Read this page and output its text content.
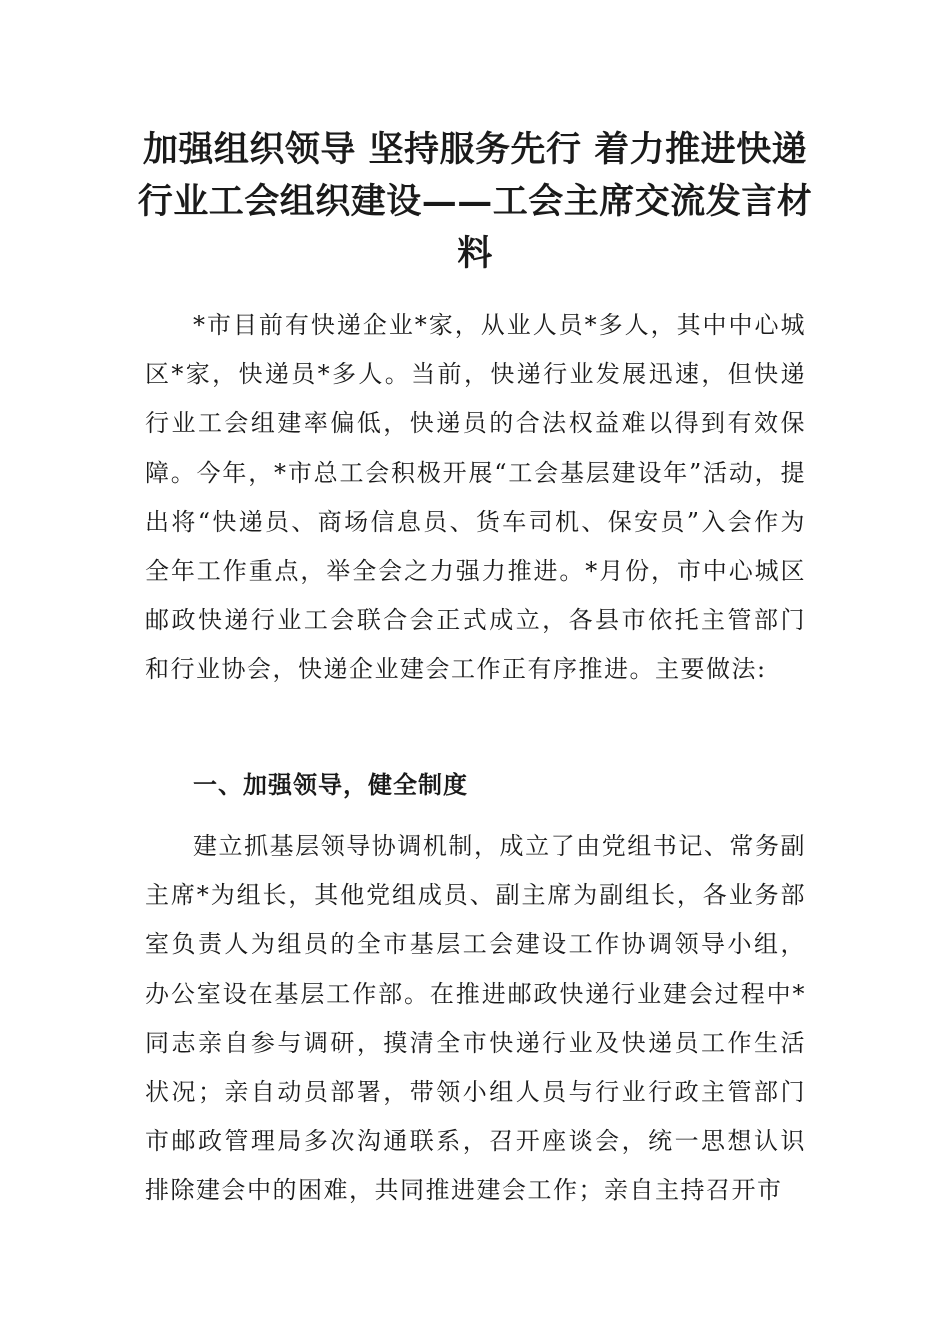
加强组织领导 坚持服务先行 着力推进快递行业工会组织建设——工会主席交流发言材料

*市目前有快递企业*家，从业人员*多人，其中中心城区*家，快递员*多人。当前，快递行业发展迅速，但快递行业工会组建率偏低，快递员的合法权益难以得到有效保障。今年，*市总工会积极开展“工会基层建设年”活动，提出将“快递员、商场信息员、货车司机、保安员”入会作为全年工作重点，举全会之力强力推进。*月份，市中心城区邮政快递行业工会联合会正式成立，各县市依托主管部门和行业协会，快递企业建会工作正有序推进。主要做法:

一、加强领导，健全制度

建立抓基层领导协调机制，成立了由党组书记、常务副主席*为组长，其他党组成员、副主席为副组长，各业务部室负责人为组员的全市基层工会建设工作协调领导小组，办公室设在基层工作部。在推进邮政快递行业建会过程中*同志亲自参与调研，摸清全市快递行业及快递员工作生活状况；亲自动员部署，带领小组人员与行业行政主管部门市邮政管理局多次沟通联系，召开座谈会，统一思想认识排除建会中的困难，共同推进建会工作；亲自主持召开市
